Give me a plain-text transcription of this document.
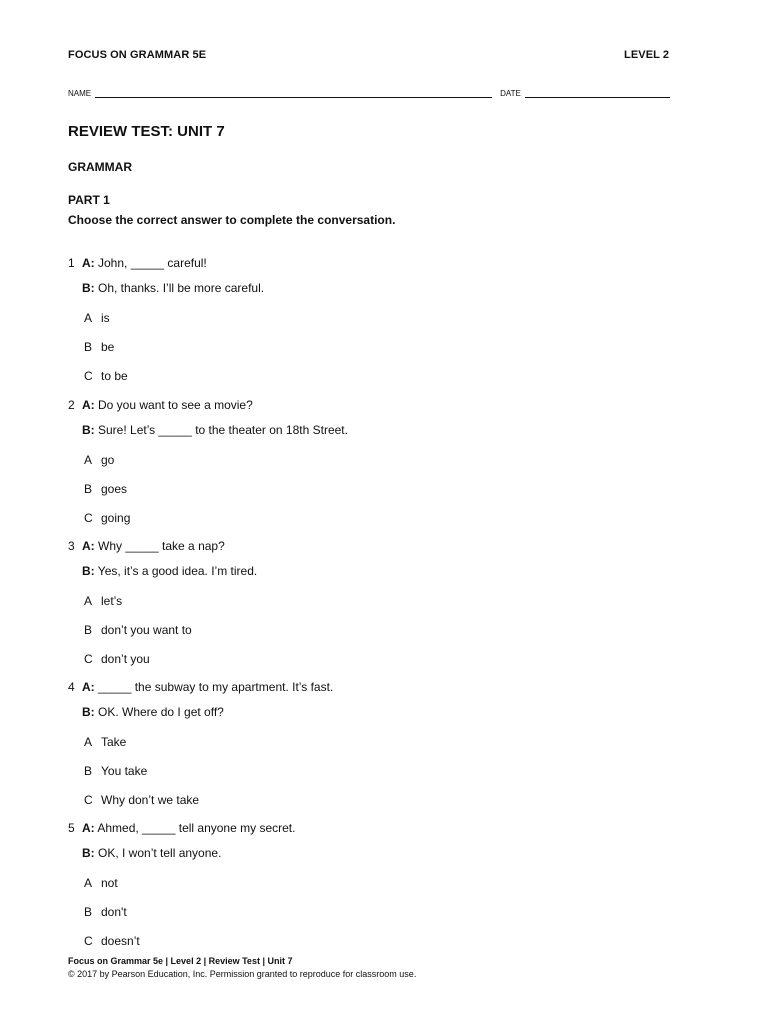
FOCUS ON GRAMMAR 5E	LEVEL 2
NAME	DATE
REVIEW TEST: UNIT 7
GRAMMAR
PART 1
Choose the correct answer to complete the conversation.
1 A: John, _____ careful!
B: Oh, thanks. I’ll be more careful.
A is
B be
C to be
2 A: Do you want to see a movie?
B: Sure! Let’s _____ to the theater on 18th Street.
A go
B goes
C going
3 A: Why _____ take a nap?
B: Yes, it’s a good idea. I’m tired.
A let’s
B don’t you want to
C don’t you
4 A: _____ the subway to my apartment. It’s fast.
B: OK. Where do I get off?
A Take
B You take
C Why don’t we take
5 A: Ahmed, _____ tell anyone my secret.
B: OK, I won’t tell anyone.
A not
B don't
C doesn’t
Focus on Grammar 5e | Level 2 | Review Test | Unit 7
© 2017 by Pearson Education, Inc. Permission granted to reproduce for classroom use.
